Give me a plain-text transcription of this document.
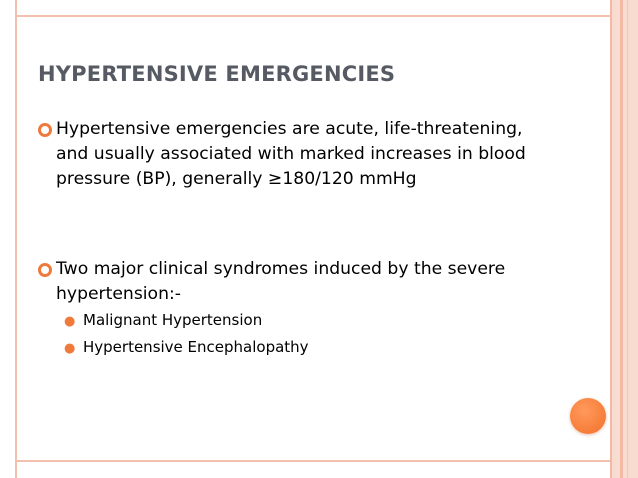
HYPERTENSIVE EMERGENCIES
Hypertensive emergencies are acute, life-threatening, and usually associated with marked increases in blood pressure (BP), generally ≥180/120 mmHg
Two major clinical syndromes induced by the severe hypertension:-
● Malignant Hypertension
● Hypertensive Encephalopathy
